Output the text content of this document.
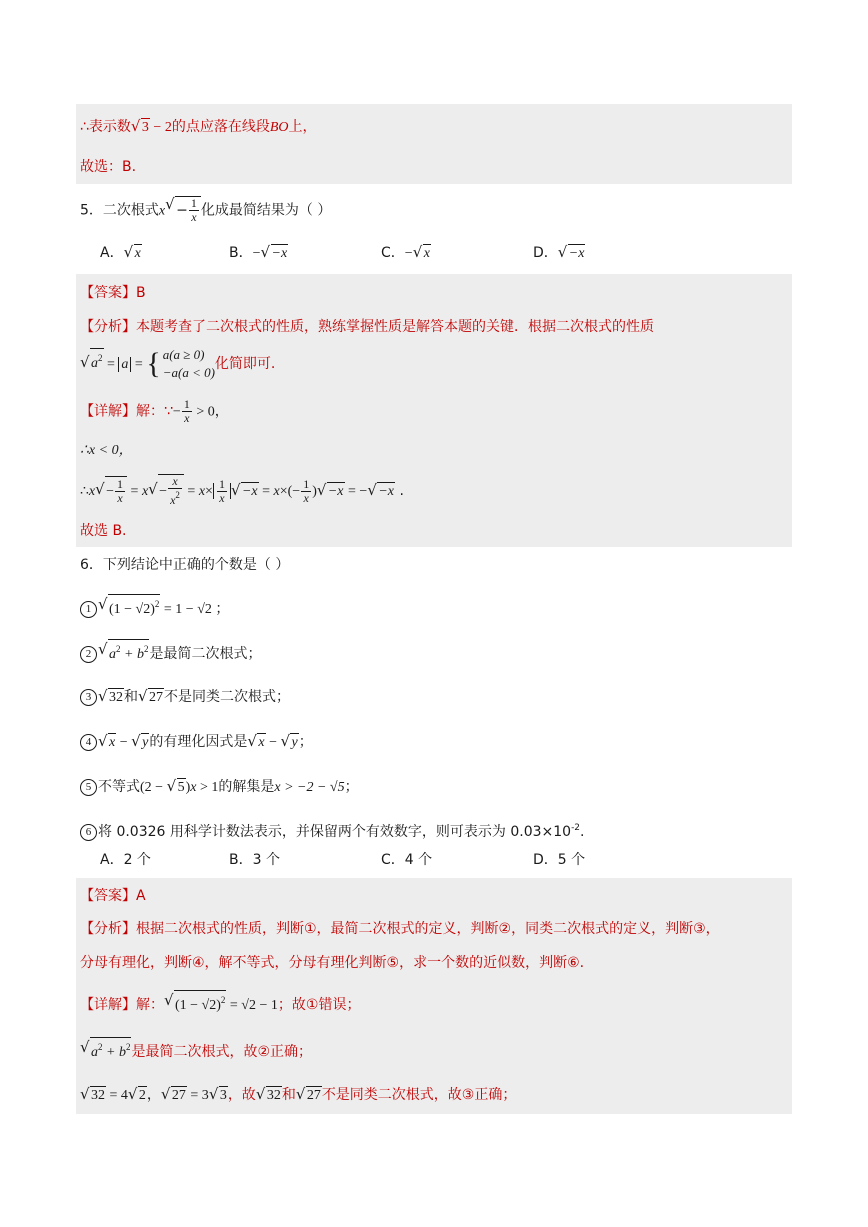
∴表示数√ 3 − 2的点应落在线段BO上，
故选：B.
5．二次根式$x√ - \frac{1}{x}$ 化成最简结果为（ ）
A．√ x	B．−√ −x	C．−√ x	D．√ −x
【答案】B
【分析】本题考查了二次根式的性质，熟练掌握性质是解答本题的关键．根据二次根式的性质
√ $a^2 = a$ = { a(a ≥ 0)
−a(a < 0)
化简即可.
【详解】解：∵− $\frac{1}{x} > 0$，
∴x < 0，
∴x√ − $\frac{1}{x} = x√ - \frac{x}{x^2} = x\times \frac{1}{x}$
√ $-x = x\times(- \frac{1}{x}$ )√ −x = −√ −x .
故选 B.
6．下列结论中正确的个数是（ ）
1√ $(1 - √2)^2 = 1 - √2$ ；
2√ $a^2 + b^2$是最简二次根式；
3√ 32和√ 27不是同类二次根式；
4√ x − √ y的有理化因式是√ x − √ y；
5 不等式(2 − √ 5)x > 1的解集是x > −2 − √5；
6 将 0.0326 用科学计数法表示，并保留两个有效数字，则可表示为 $0.03\times 10^{-2}$.
A．2 个	B．3 个	C．4 个	D．5 个
【答案】A
【分析】根据二次根式的性质，判断①，最简二次根式的定义，判断②，同类二次根式的定义，判断③，
分母有理化，判断④，解不等式，分母有理化判断⑤，求一个数的近似数，判断⑥.
【详解】解：√ $(1 - √2)^2 = √2 - 1$；故①错误；
√ $a^2 + b^2$是最简二次根式，故②正确；
√ 32 = 4√ 2，√ 27 = 3√ 3，故√ 32和√ 27不是同类二次根式，故③正确；
